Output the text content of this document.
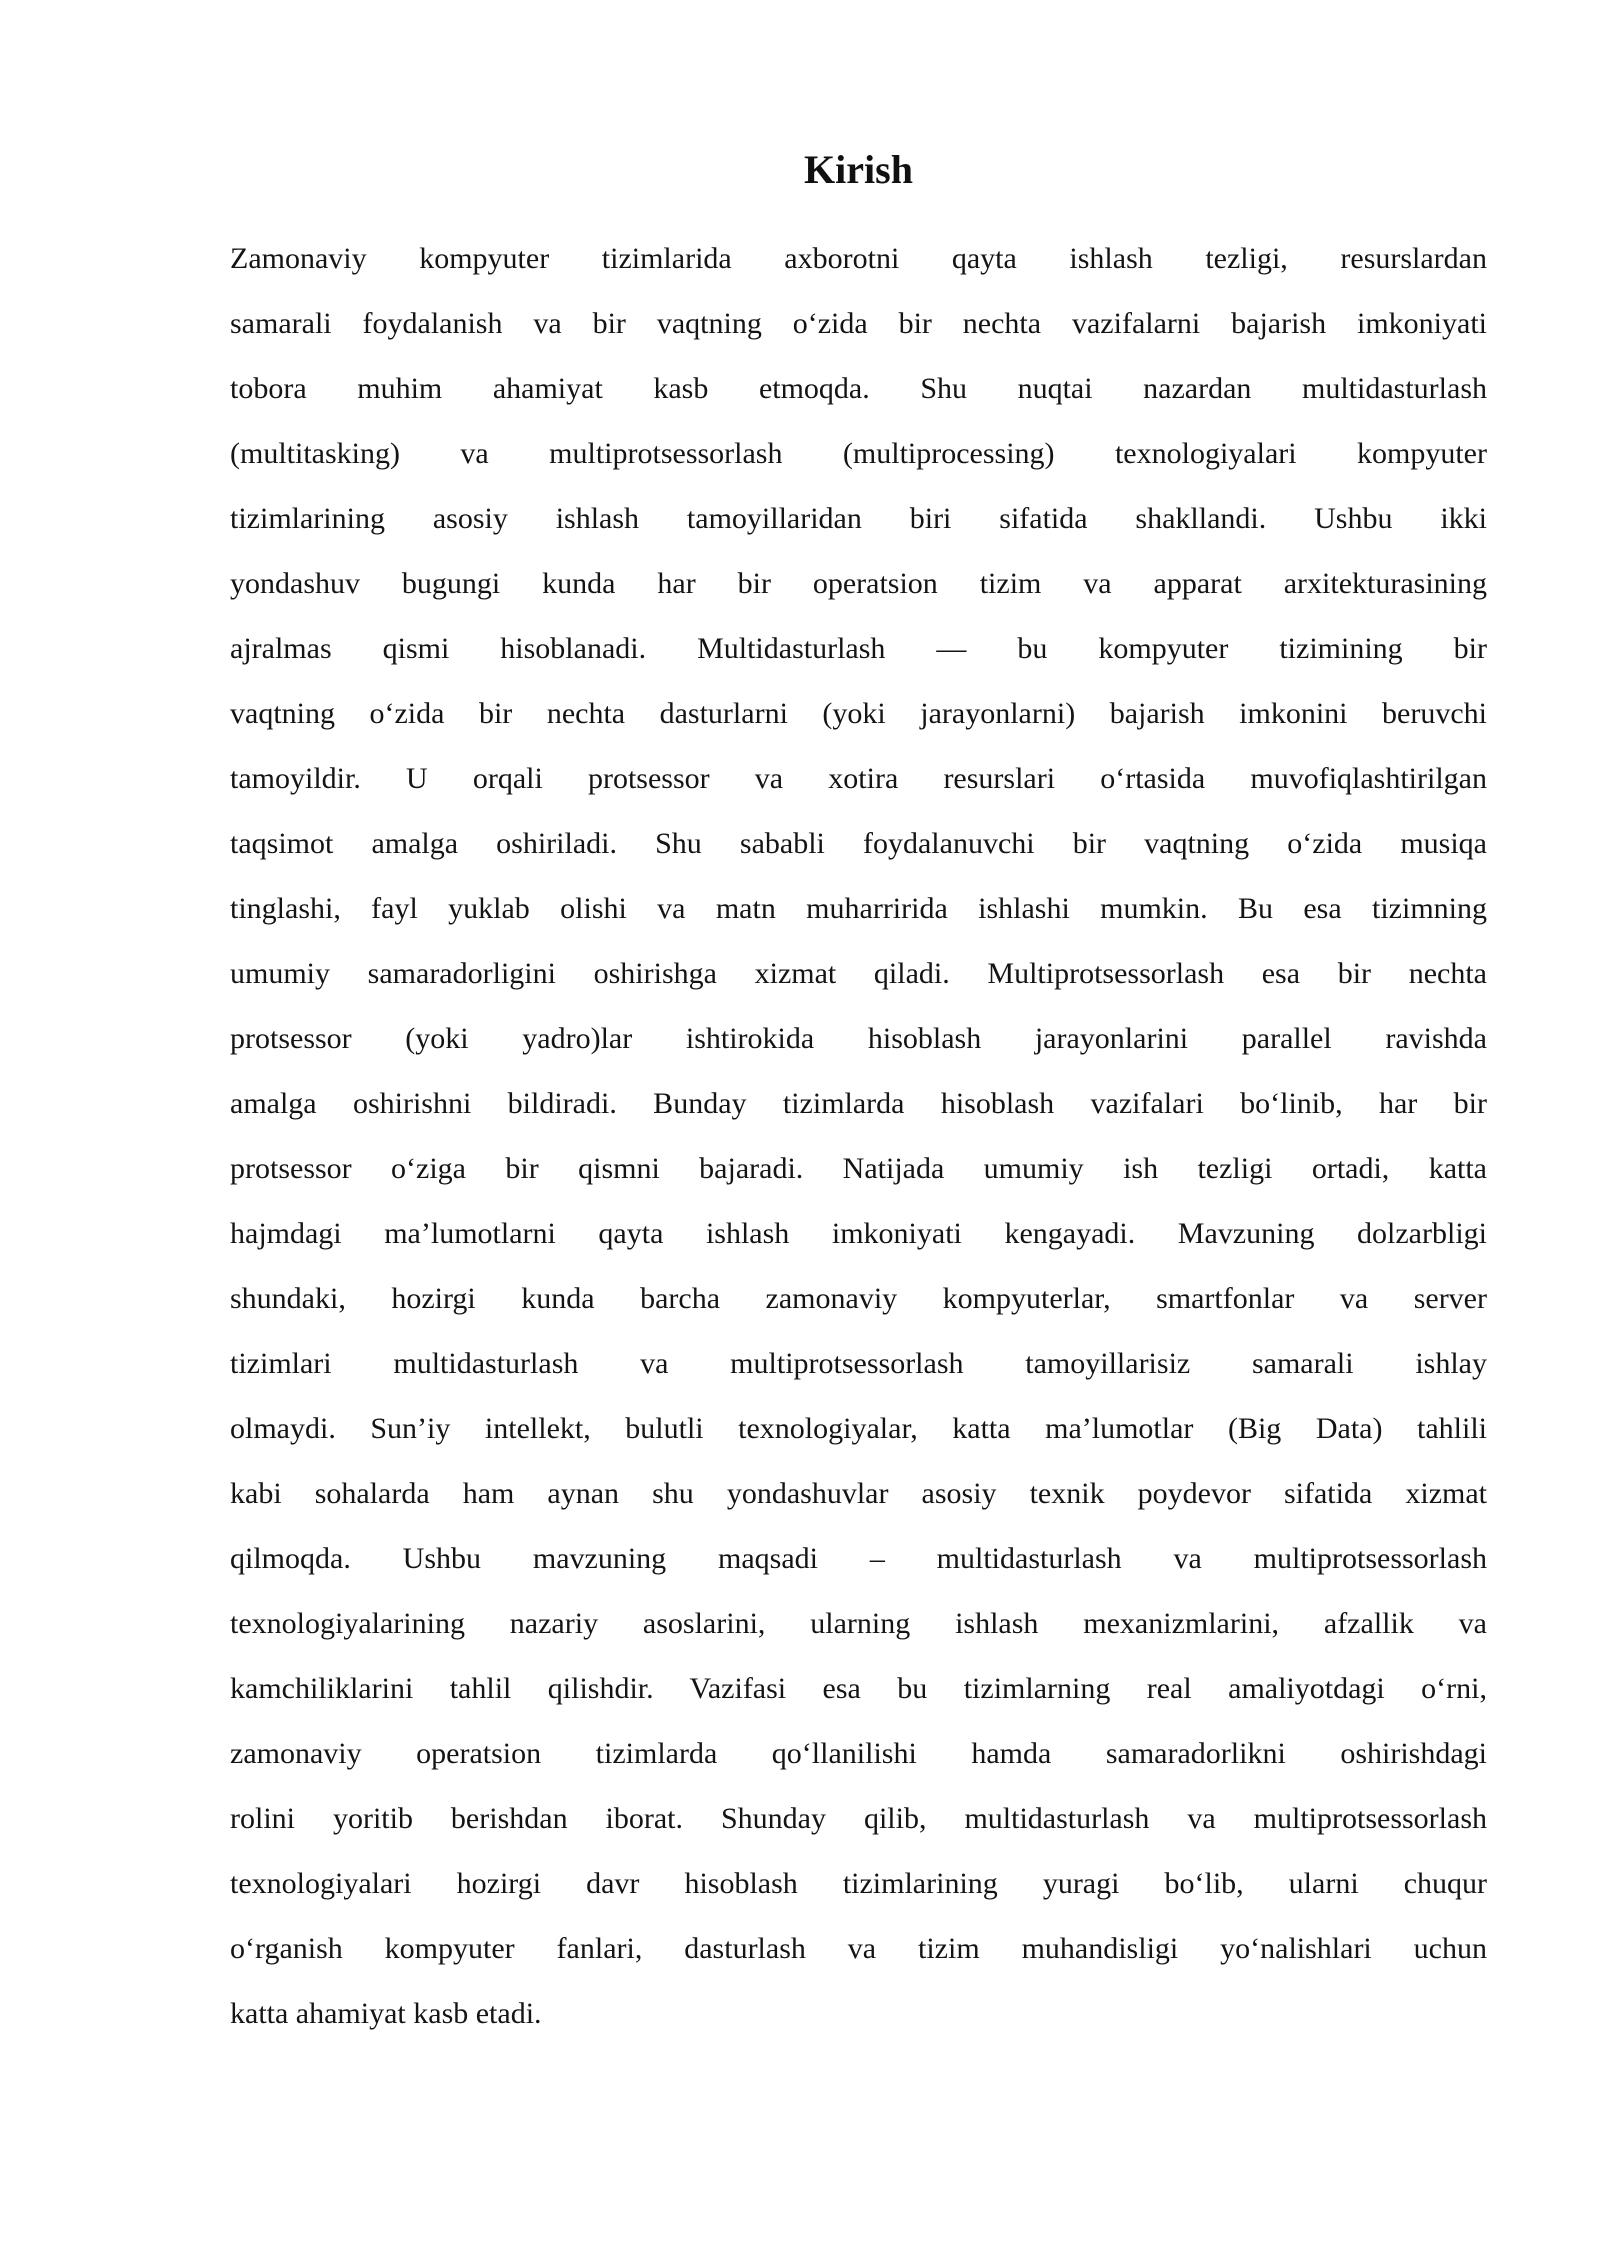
Kirish
Zamonaviy kompyuter tizimlarida axborotni qayta ishlash tezligi, resurslardan
samarali foydalanish va bir vaqtning o‘zida bir nechta vazifalarni bajarish imkoniyati
tobora muhim ahamiyat kasb etmoqda. Shu nuqtai nazardan multidasturlash
(multitasking) va multiprotsessorlash (multiprocessing) texnologiyalari kompyuter
tizimlarining asosiy ishlash tamoyillaridan biri sifatida shakllandi. Ushbu ikki
yondashuv bugungi kunda har bir operatsion tizim va apparat arxitekturasining
ajralmas qismi hisoblanadi. Multidasturlash — bu kompyuter tizimining bir
vaqtning o‘zida bir nechta dasturlarni (yoki jarayonlarni) bajarish imkonini beruvchi
tamoyildir. U orqali protsessor va xotira resurslari o‘rtasida muvofiqlashtirilgan
taqsimot amalga oshiriladi. Shu sababli foydalanuvchi bir vaqtning o‘zida musiqa
tinglashi, fayl yuklab olishi va matn muharririda ishlashi mumkin. Bu esa tizimning
umumiy samaradorligini oshirishga xizmat qiladi. Multiprotsessorlash esa bir nechta
protsessor (yoki yadro)lar ishtirokida hisoblash jarayonlarini parallel ravishda
amalga oshirishni bildiradi. Bunday tizimlarda hisoblash vazifalari bo‘linib, har bir
protsessor o‘ziga bir qismni bajaradi. Natijada umumiy ish tezligi ortadi, katta
hajmdagi ma’lumotlarni qayta ishlash imkoniyati kengayadi. Mavzuning dolzarbligi
shundaki, hozirgi kunda barcha zamonaviy kompyuterlar, smartfonlar va server
tizimlari multidasturlash va multiprotsessorlash tamoyillarisiz samarali ishlay
olmaydi. Sun’iy intellekt, bulutli texnologiyalar, katta ma’lumotlar (Big Data) tahlili
kabi sohalarda ham aynan shu yondashuvlar asosiy texnik poydevor sifatida xizmat
qilmoqda. Ushbu mavzuning maqsadi – multidasturlash va multiprotsessorlash
texnologiyalarining nazariy asoslarini, ularning ishlash mexanizmlarini, afzallik va
kamchiliklarini tahlil qilishdir. Vazifasi esa bu tizimlarning real amaliyotdagi o‘rni,
zamonaviy operatsion tizimlarda qo‘llanilishi hamda samaradorlikni oshirishdagi
rolini yoritib berishdan iborat. Shunday qilib, multidasturlash va multiprotsessorlash
texnologiyalari hozirgi davr hisoblash tizimlarining yuragi bo‘lib, ularni chuqur
o‘rganish kompyuter fanlari, dasturlash va tizim muhandisligi yo‘nalishlari uchun
katta ahamiyat kasb etadi.
